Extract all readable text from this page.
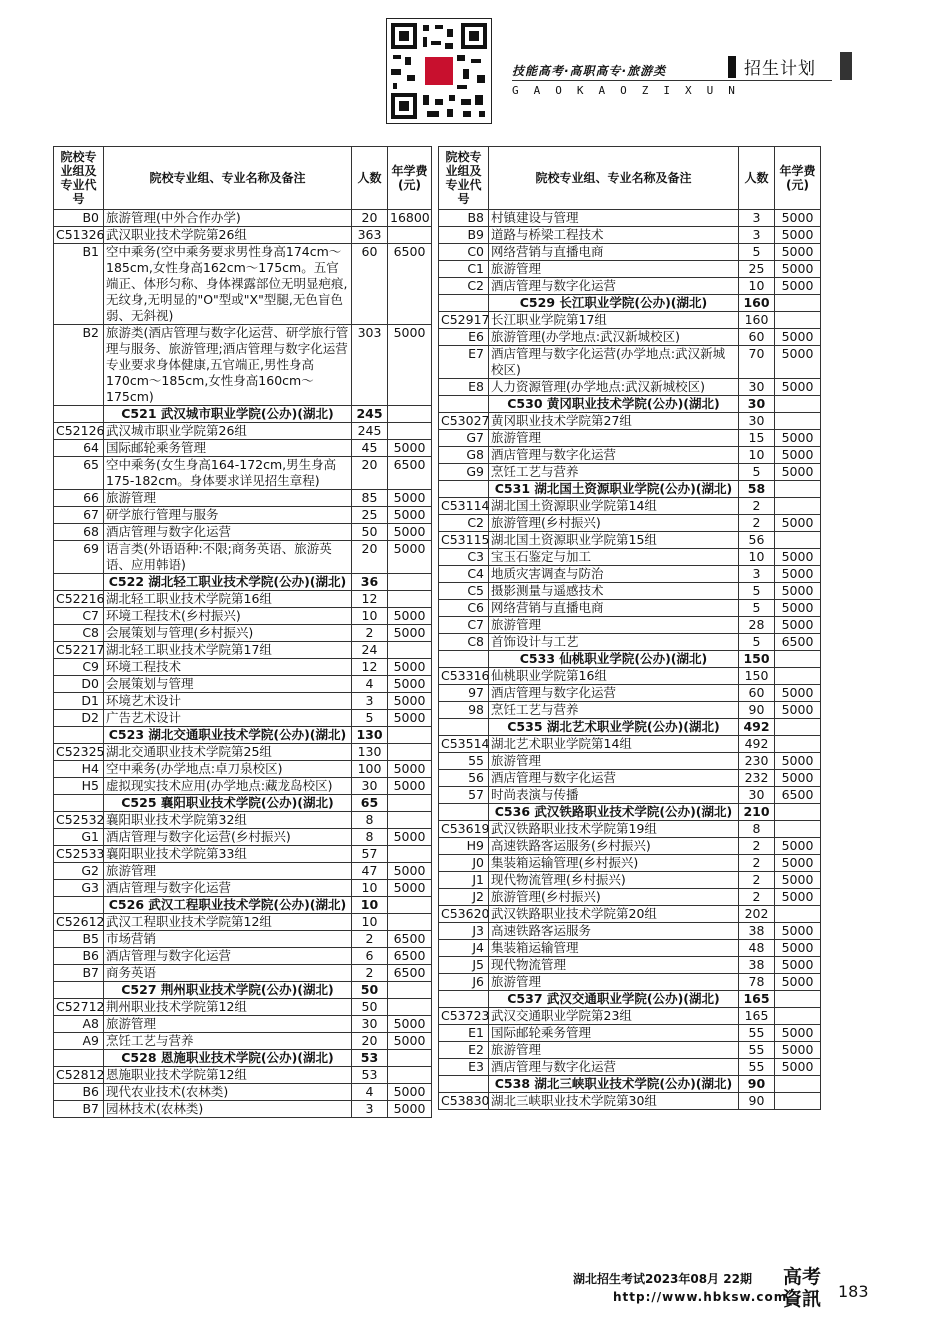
技能高考·高职高专·旅游类	招生计划
GAOKAOZIXUN
院校专业组及专业代号	院校专业组、专业名称及备注	人数	年学费(元)
B0	旅游管理(中外合作办学)	20	16800
C51326	武汉职业技术学院第26组	363	
B1	空中乘务(空中乘务要求男性身高174cm～185cm,女性身高162cm～175cm。五官端正、体形匀称、身体裸露部位无明显疤痕,无纹身,无明显的"O"型或"X"型腿,无色盲色弱、无斜视)	60	6500
B2	旅游类(酒店管理与数字化运营、研学旅行管理与服务、旅游管理;酒店管理与数字化运营专业要求身体健康,五官端正,男性身高170cm～185cm,女性身高160cm～175cm)	303	5000
	C521 武汉城市职业学院(公办)(湖北)	245	
C52126	武汉城市职业学院第26组	245	
64	国际邮轮乘务管理	45	5000
65	空中乘务(女生身高164-172cm,男生身高175-182cm。身体要求详见招生章程)	20	6500
66	旅游管理	85	5000
67	研学旅行管理与服务	25	5000
68	酒店管理与数字化运营	50	5000
69	语言类(外语语种:不限;商务英语、旅游英语、应用韩语)	20	5000
	C522 湖北轻工职业技术学院(公办)(湖北)	36	
C52216	湖北轻工职业技术学院第16组	12	
C7	环境工程技术(乡村振兴)	10	5000
C8	会展策划与管理(乡村振兴)	2	5000
C52217	湖北轻工职业技术学院第17组	24	
C9	环境工程技术	12	5000
D0	会展策划与管理	4	5000
D1	环境艺术设计	3	5000
D2	广告艺术设计	5	5000
	C523 湖北交通职业技术学院(公办)(湖北)	130	
C52325	湖北交通职业技术学院第25组	130	
H4	空中乘务(办学地点:卓刀泉校区)	100	5000
H5	虚拟现实技术应用(办学地点:藏龙岛校区)	30	5000
	C525 襄阳职业技术学院(公办)(湖北)	65	
C52532	襄阳职业技术学院第32组	8	
G1	酒店管理与数字化运营(乡村振兴)	8	5000
C52533	襄阳职业技术学院第33组	57	
G2	旅游管理	47	5000
G3	酒店管理与数字化运营	10	5000
	C526 武汉工程职业技术学院(公办)(湖北)	10	
C52612	武汉工程职业技术学院第12组	10	
B5	市场营销	2	6500
B6	酒店管理与数字化运营	6	6500
B7	商务英语	2	6500
	C527 荆州职业技术学院(公办)(湖北)	50	
C52712	荆州职业技术学院第12组	50	
A8	旅游管理	30	5000
A9	烹饪工艺与营养	20	5000
	C528 恩施职业技术学院(公办)(湖北)	53	
C52812	恩施职业技术学院第12组	53	
B6	现代农业技术(农林类)	4	5000
B7	园林技术(农林类)	3	5000
院校专业组及专业代号	院校专业组、专业名称及备注	人数	年学费(元)
B8	村镇建设与管理	3	5000
B9	道路与桥梁工程技术	3	5000
C0	网络营销与直播电商	5	5000
C1	旅游管理	25	5000
C2	酒店管理与数字化运营	10	5000
	C529 长江职业学院(公办)(湖北)	160	
C52917	长江职业学院第17组	160	
E6	旅游管理(办学地点:武汉新城校区)	60	5000
E7	酒店管理与数字化运营(办学地点:武汉新城校区)	70	5000
E8	人力资源管理(办学地点:武汉新城校区)	30	5000
	C530 黄冈职业技术学院(公办)(湖北)	30	
C53027	黄冈职业技术学院第27组	30	
G7	旅游管理	15	5000
G8	酒店管理与数字化运营	10	5000
G9	烹饪工艺与营养	5	5000
	C531 湖北国土资源职业学院(公办)(湖北)	58	
C53114	湖北国土资源职业学院第14组	2	
C2	旅游管理(乡村振兴)	2	5000
C53115	湖北国土资源职业学院第15组	56	
C3	宝玉石鉴定与加工	10	5000
C4	地质灾害调查与防治	3	5000
C5	摄影测量与遥感技术	5	5000
C6	网络营销与直播电商	5	5000
C7	旅游管理	28	5000
C8	首饰设计与工艺	5	6500
	C533 仙桃职业学院(公办)(湖北)	150	
C53316	仙桃职业学院第16组	150	
97	酒店管理与数字化运营	60	5000
98	烹饪工艺与营养	90	5000
	C535 湖北艺术职业学院(公办)(湖北)	492	
C53514	湖北艺术职业学院第14组	492	
55	旅游管理	230	5000
56	酒店管理与数字化运营	232	5000
57	时尚表演与传播	30	6500
	C536 武汉铁路职业技术学院(公办)(湖北)	210	
C53619	武汉铁路职业技术学院第19组	8	
H9	高速铁路客运服务(乡村振兴)	2	5000
J0	集装箱运输管理(乡村振兴)	2	5000
J1	现代物流管理(乡村振兴)	2	5000
J2	旅游管理(乡村振兴)	2	5000
C53620	武汉铁路职业技术学院第20组	202	
J3	高速铁路客运服务	38	5000
J4	集装箱运输管理	48	5000
J5	现代物流管理	38	5000
J6	旅游管理	78	5000
	C537 武汉交通职业学院(公办)(湖北)	165	
C53723	武汉交通职业学院第23组	165	
E1	国际邮轮乘务管理	55	5000
E2	旅游管理	55	5000
E3	酒店管理与数字化运营	55	5000
	C538 湖北三峡职业技术学院(公办)(湖北)	90	
C53830	湖北三峡职业技术学院第30组	90	
湖北招生考试2023年08月 22期
http://www.hbksw.com
高考資訊	183
